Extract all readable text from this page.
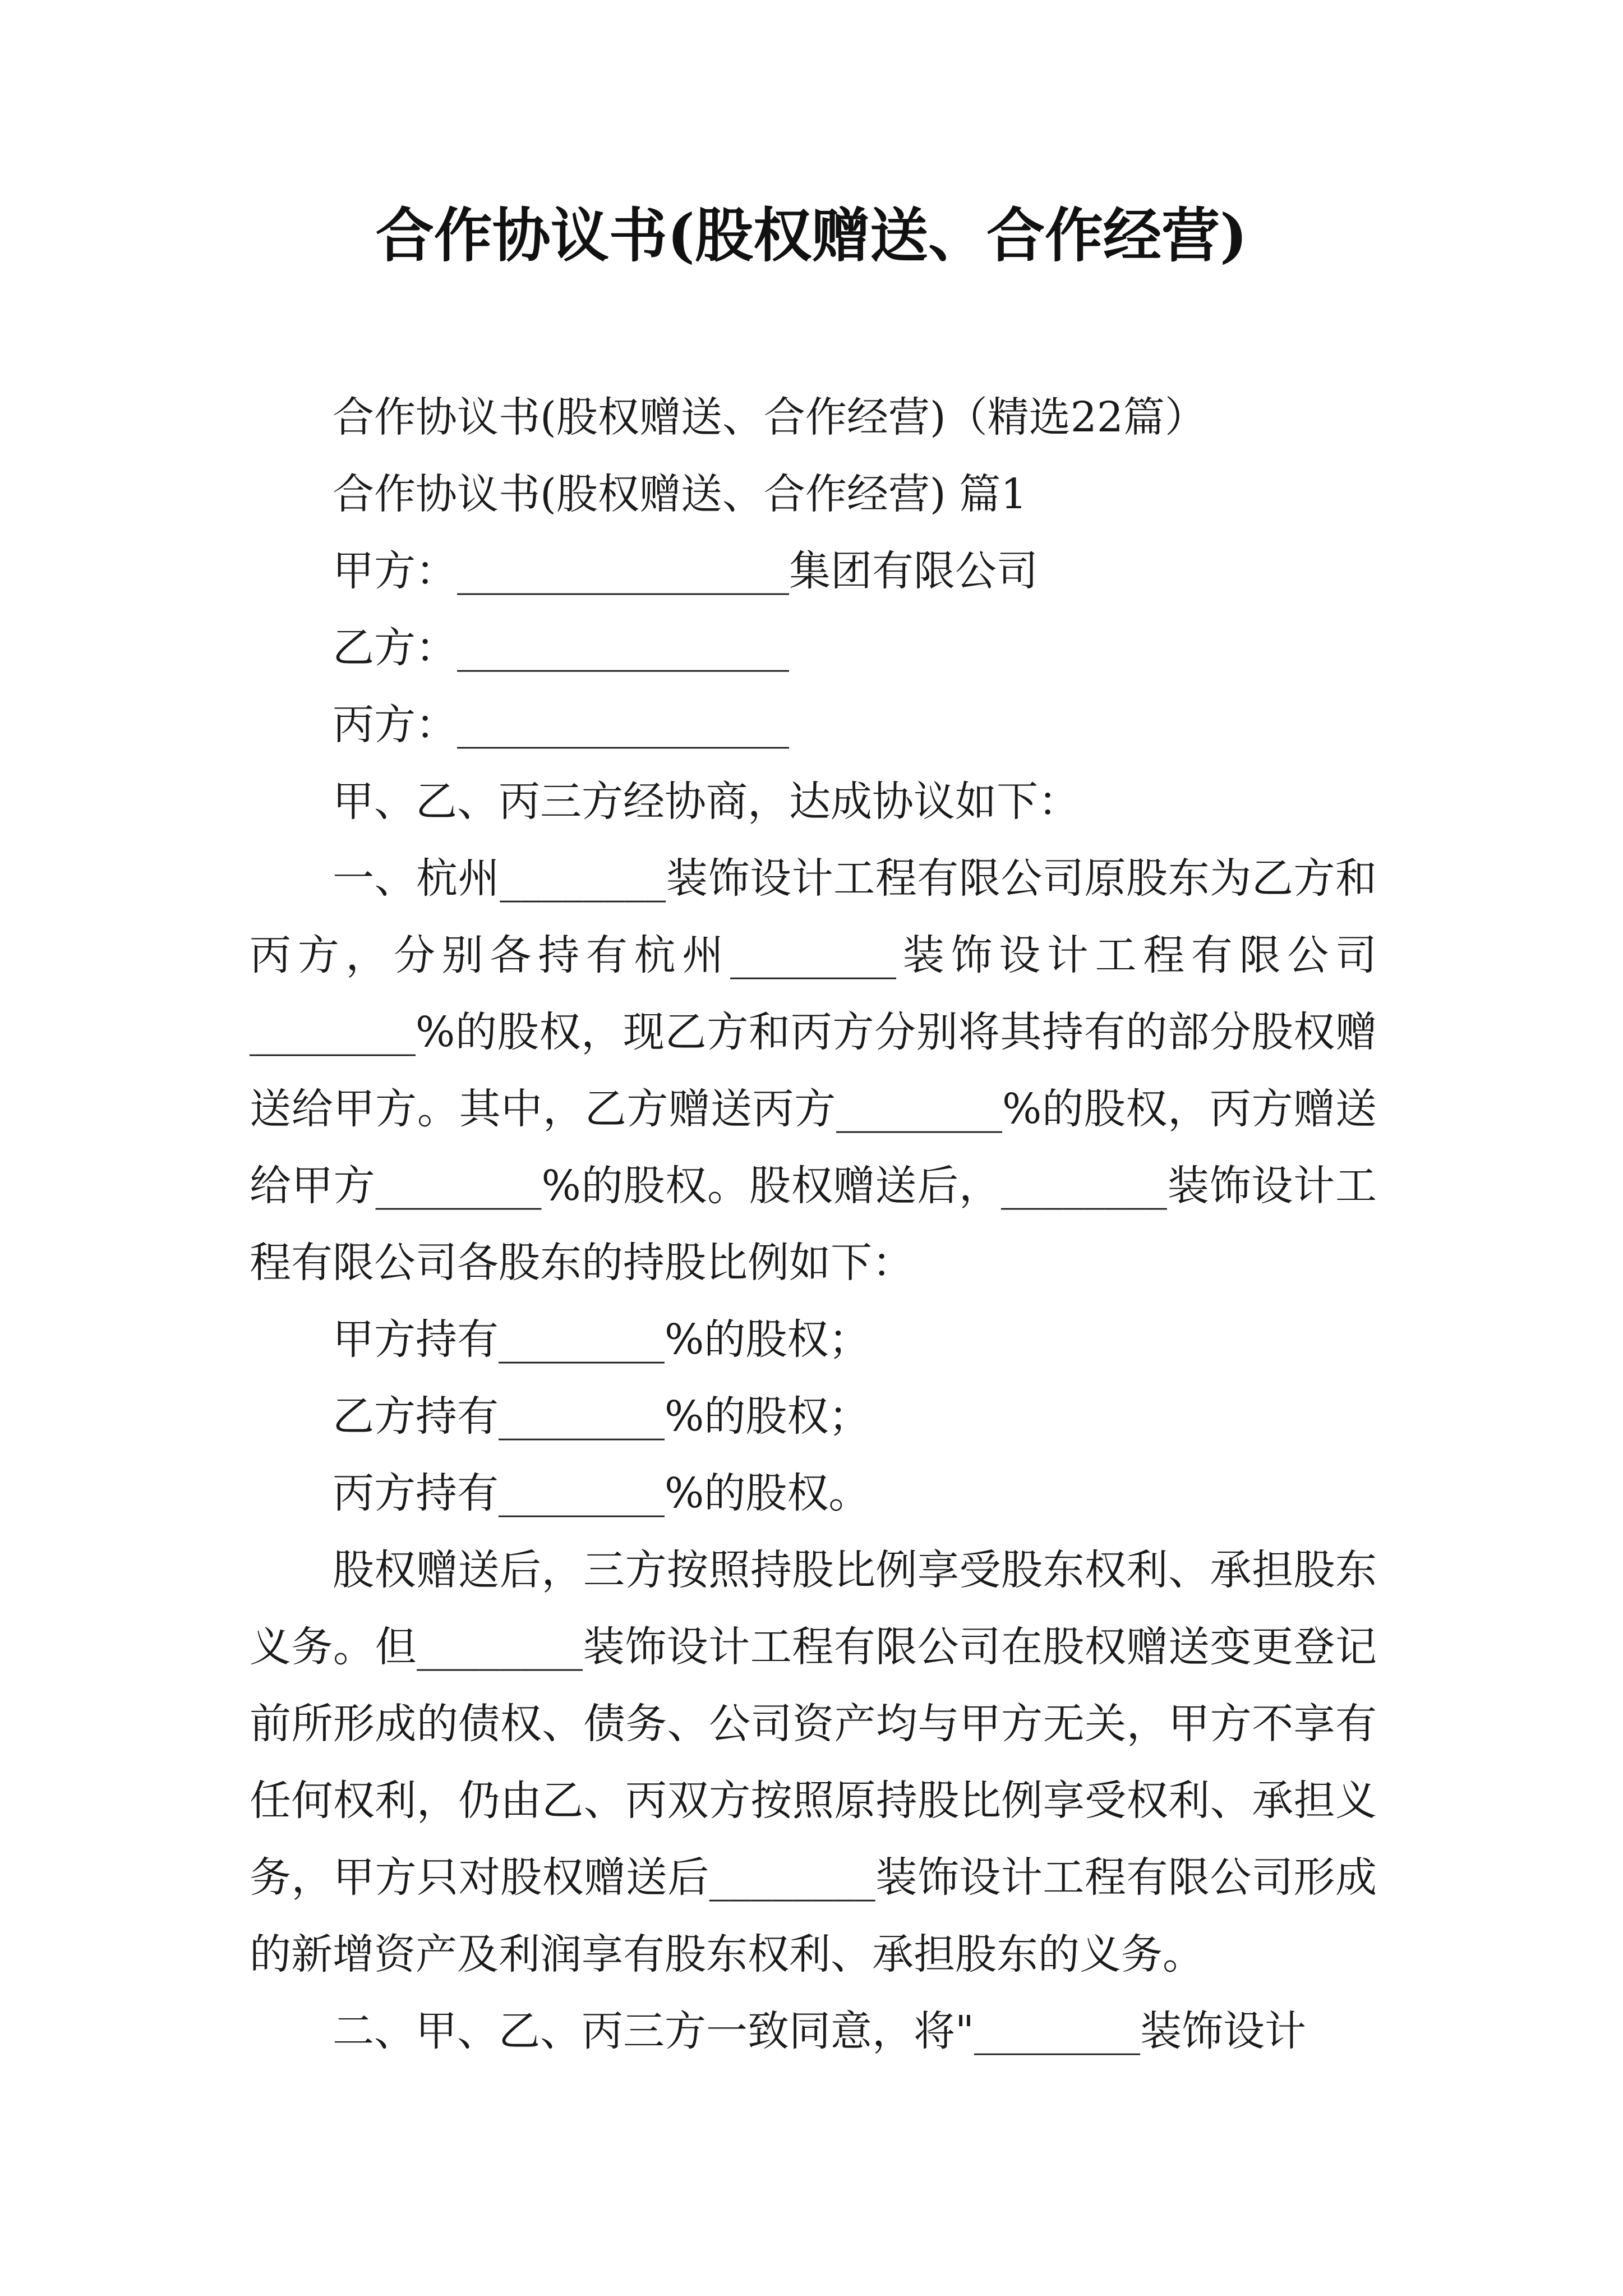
合作协议书(股权赠送、合作经营)

合作协议书(股权赠送、合作经营)（精选22篇）

合作协议书(股权赠送、合作经营) 篇1

甲方：________________集团有限公司

乙方：________________

丙方：________________

甲、乙、丙三方经协商，达成协议如下：

一、杭州________装饰设计工程有限公司原股东为乙方和丙方，分别各持有杭州________装饰设计工程有限公司________%的股权，现乙方和丙方分别将其持有的部分股权赠送给甲方。其中，乙方赠送丙方________%的股权，丙方赠送给甲方________%的股权。股权赠送后，________装饰设计工程有限公司各股东的持股比例如下：

甲方持有________%的股权；

乙方持有________%的股权；

丙方持有________%的股权。

股权赠送后，三方按照持股比例享受股东权利、承担股东义务。但________装饰设计工程有限公司在股权赠送变更登记前所形成的债权、债务、公司资产均与甲方无关，甲方不享有任何权利，仍由乙、丙双方按照原持股比例享受权利、承担义务，甲方只对股权赠送后________装饰设计工程有限公司形成的新增资产及利润享有股东权利、承担股东的义务。

二、甲、乙、丙三方一致同意，将"________装饰设计
